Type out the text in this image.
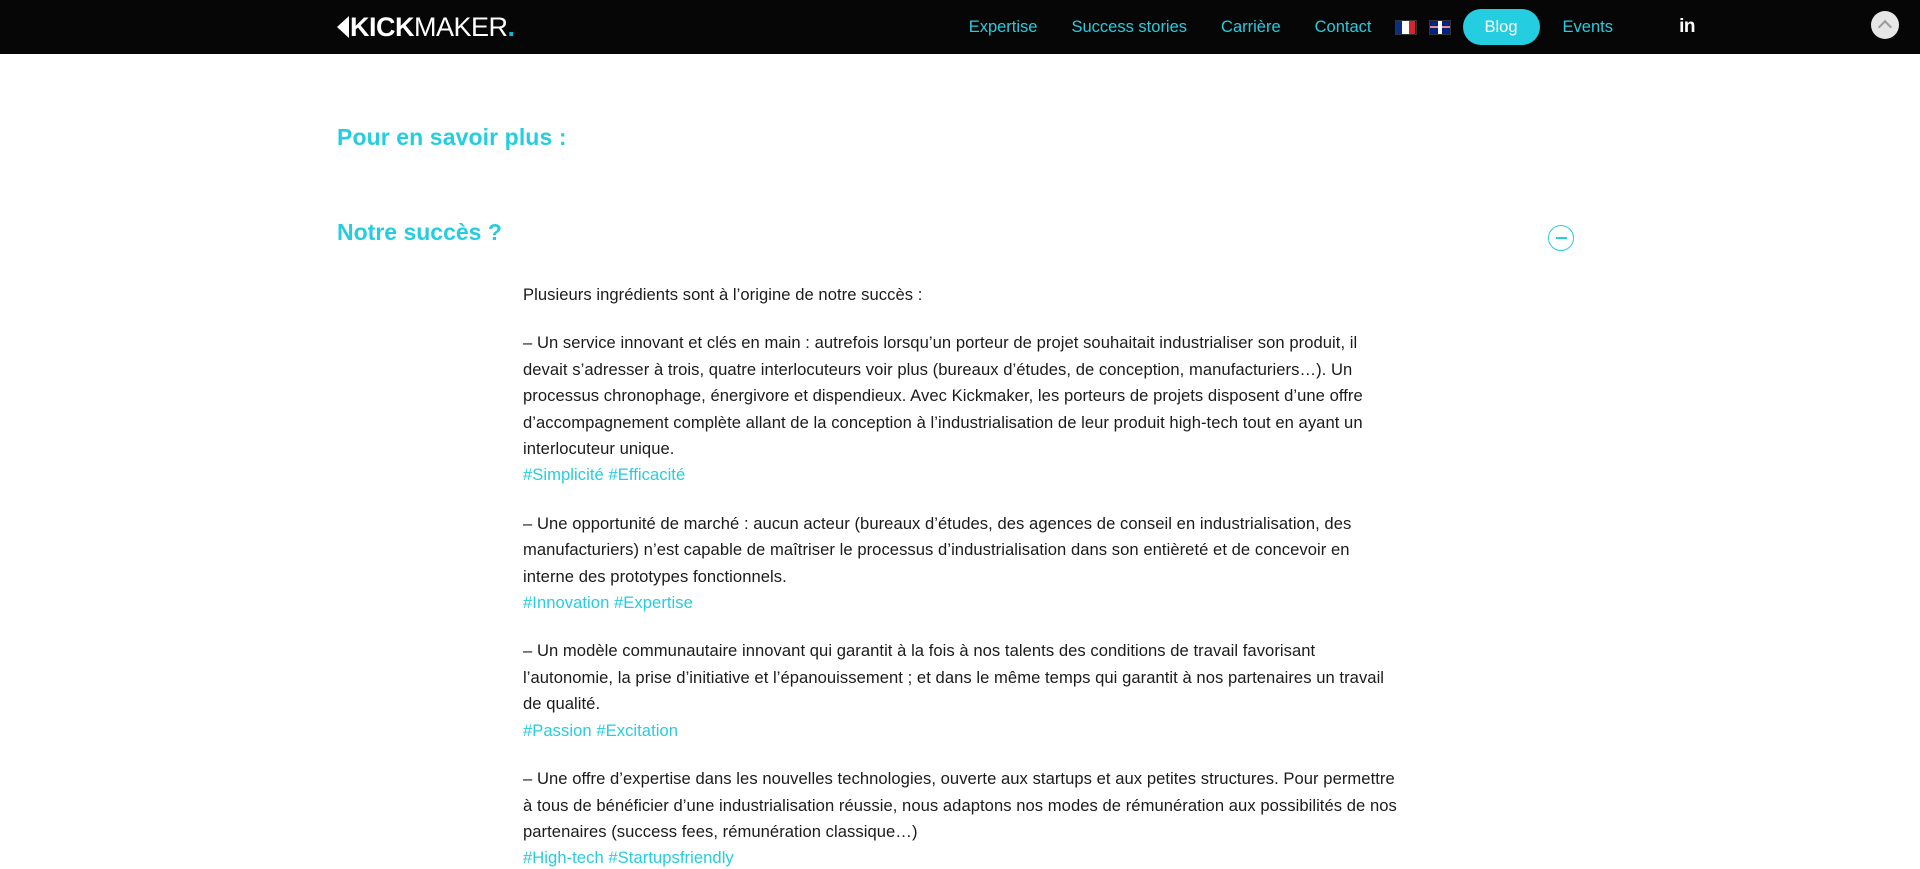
KICKMAKER.	Expertise	Success stories	Carrière	Contact	Blog	Events	in
Pour en savoir plus :
Notre succès ?

Plusieurs ingrédients sont à l’origine de notre succès :

– Un service innovant et clés en main : autrefois lorsqu’un porteur de projet souhaitait industrialiser son produit, il devait s’adresser à trois, quatre interlocuteurs voir plus (bureaux d’études, de conception, manufacturiers…). Un processus chronophage, énergivore et dispendieux. Avec Kickmaker, les porteurs de projets disposent d’une offre d’accompagnement complète allant de la conception à l’industrialisation de leur produit high-tech tout en ayant un interlocuteur unique.
#Simplicité #Efficacité

– Une opportunité de marché : aucun acteur (bureaux d’études, des agences de conseil en industrialisation, des manufacturiers) n’est capable de maîtriser le processus d’industrialisation dans son entièreté et de concevoir en interne des prototypes fonctionnels.
#Innovation #Expertise

– Un modèle communautaire innovant qui garantit à la fois à nos talents des conditions de travail favorisant l’autonomie, la prise d’initiative et l’épanouissement ; et dans le même temps qui garantit à nos partenaires un travail de qualité.
#Passion #Excitation

– Une offre d’expertise dans les nouvelles technologies, ouverte aux startups et aux petites structures. Pour permettre à tous de bénéficier d’une industrialisation réussie, nous adaptons nos modes de rémunération aux possibilités de nos partenaires (success fees, rémunération classique…)
#High-tech #Startupsfriendly
